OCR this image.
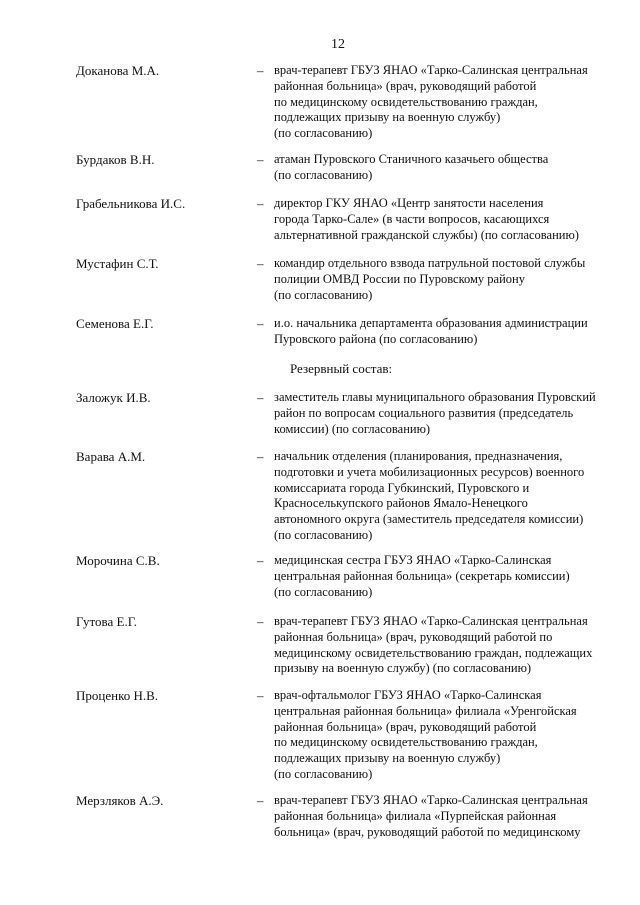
12
Доканова М.А.	– врач-терапевт ГБУЗ ЯНАО «Тарко-Салинская центральная
районная больница» (врач, руководящий работой
по медицинскому освидетельствованию граждан,
подлежащих призыву на военную службу)
(по согласованию)
Бурдаков В.Н.	– атаман Пуровского Станичного казачьего общества
(по согласованию)
Грабельникова И.С.	– директор ГКУ ЯНАО «Центр занятости населения
города Тарко-Сале» (в части вопросов, касающихся
альтернативной гражданской службы) (по согласованию)
Мустафин С.Т.	– командир отдельного взвода патрульной постовой службы
полиции ОМВД России по Пуровскому району
(по согласованию)
Семенова Е.Г.	– и.о. начальника департамента образования администрации
Пуровского района (по согласованию)
Резервный состав:
Заложук И.В.	– заместитель главы муниципального образования Пуровский
район по вопросам социального развития (председатель
комиссии) (по согласованию)
Варава А.М.	– начальник отделения (планирования, предназначения,
подготовки и учета мобилизационных ресурсов) военного
комиссариата города Губкинский, Пуровского и
Красноселькупского районов Ямало-Ненецкого
автономного округа (заместитель председателя комиссии)
(по согласованию)
Морочина С.В.	– медицинская сестра ГБУЗ ЯНАО «Тарко-Салинская
центральная районная больница» (секретарь комиссии)
(по согласованию)
Гутова Е.Г.	– врач-терапевт ГБУЗ ЯНАО «Тарко-Салинская центральная
районная больница» (врач, руководящий работой по
медицинскому освидетельствованию граждан, подлежащих
призыву на военную службу) (по согласованию)
Проценко Н.В.	– врач-офтальмолог ГБУЗ ЯНАО «Тарко-Салинская
центральная районная больница» филиала «Уренгойская
районная больница» (врач, руководящий работой
по медицинскому освидетельствованию граждан,
подлежащих призыву на военную службу)
(по согласованию)
Мерзляков А.Э.	– врач-терапевт ГБУЗ ЯНАО «Тарко-Салинская центральная
районная больница» филиала «Пурпейская районная
больница» (врач, руководящий работой по медицинскому
